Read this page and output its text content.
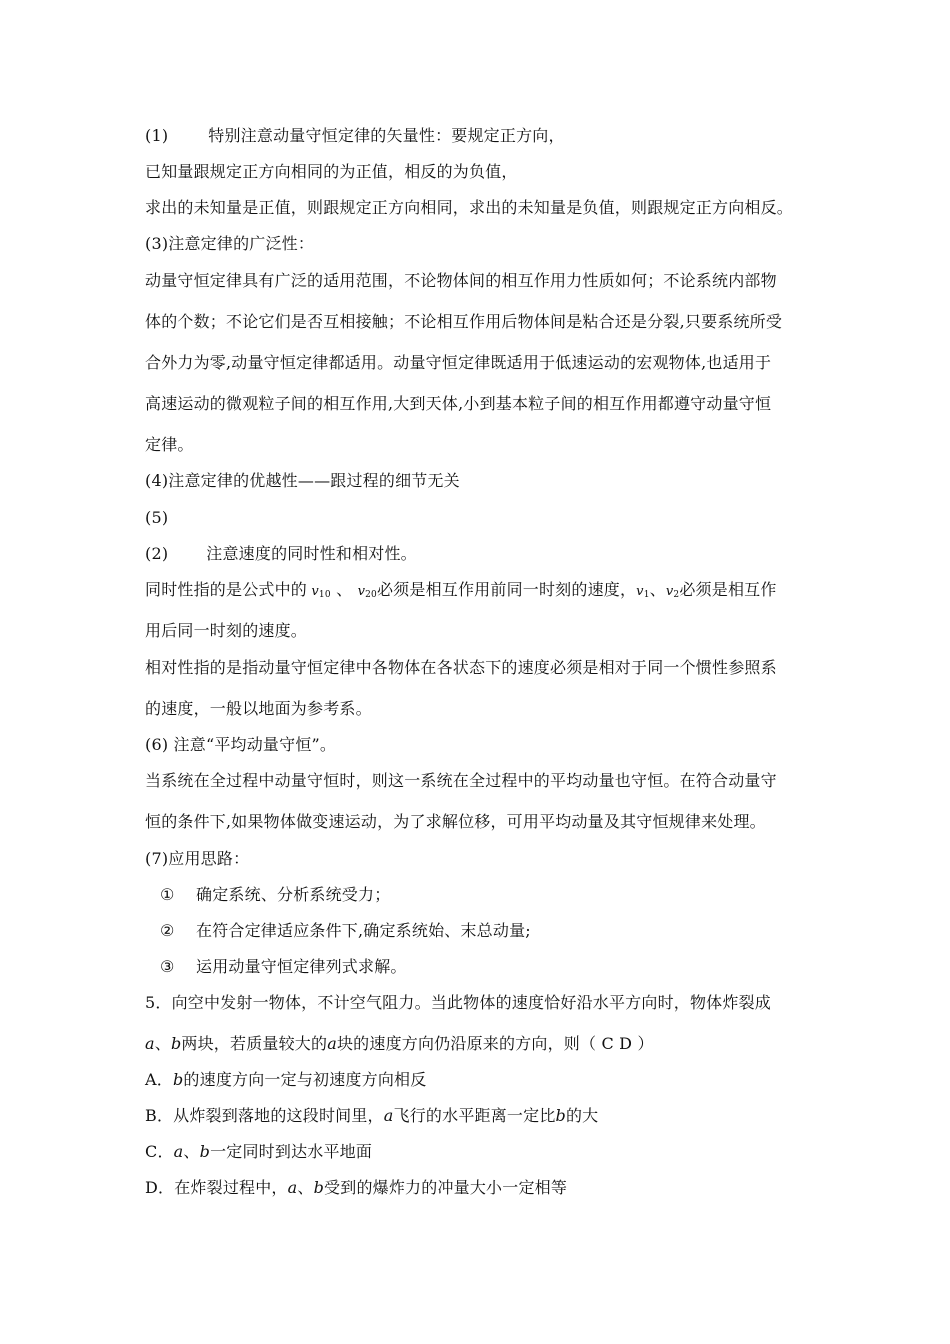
(1)	特别注意动量守恒定律的矢量性：要规定正方向，
已知量跟规定正方向相同的为正值，相反的为负值，
求出的未知量是正值，则跟规定正方向相同，求出的未知量是负值，则跟规定正方向相反。
(3)注意定律的广泛性：
动量守恒定律具有广泛的适用范围，不论物体间的相互作用力性质如何；不论系统内部物
体的个数；不论它们是否互相接触；不论相互作用后物体间是粘合还是分裂,只要系统所受
合外力为零,动量守恒定律都适用。动量守恒定律既适用于低速运动的宏观物体,也适用于
高速运动的微观粒子间的相互作用,大到天体,小到基本粒子间的相互作用都遵守动量守恒
定律。
(4)注意定律的优越性——跟过程的细节无关
(5)
(2) 注意速度的同时性和相对性。
同时性指的是公式中的 $v_{10}$ 、 $v_{20}$必须是相互作用前同一时刻的速度，$v_1$、$v_2$必须是相互作
用后同一时刻的速度。
相对性指的是指动量守恒定律中各物体在各状态下的速度必须是相对于同一个惯性参照系
的速度，一般以地面为参考系。
(6) 注意“平均动量守恒”。
当系统在全过程中动量守恒时，则这一系统在全过程中的平均动量也守恒。在符合动量守
恒的条件下,如果物体做变速运动，为了求解位移，可用平均动量及其守恒规律来处理。
(7)应用思路：
① 确定系统、分析系统受力；
② 在符合定律适应条件下,确定系统始、末总动量;
③ 运用动量守恒定律列式求解。
5．向空中发射一物体，不计空气阻力。当此物体的速度恰好沿水平方向时，物体炸裂成
a、b两块，若质量较大的a块的速度方向仍沿原来的方向，则（ C D ）
A．b的速度方向一定与初速度方向相反
B．从炸裂到落地的这段时间里，a飞行的水平距离一定比b的大
C．a、b一定同时到达水平地面
D．在炸裂过程中，a、b受到的爆炸力的冲量大小一定相等
